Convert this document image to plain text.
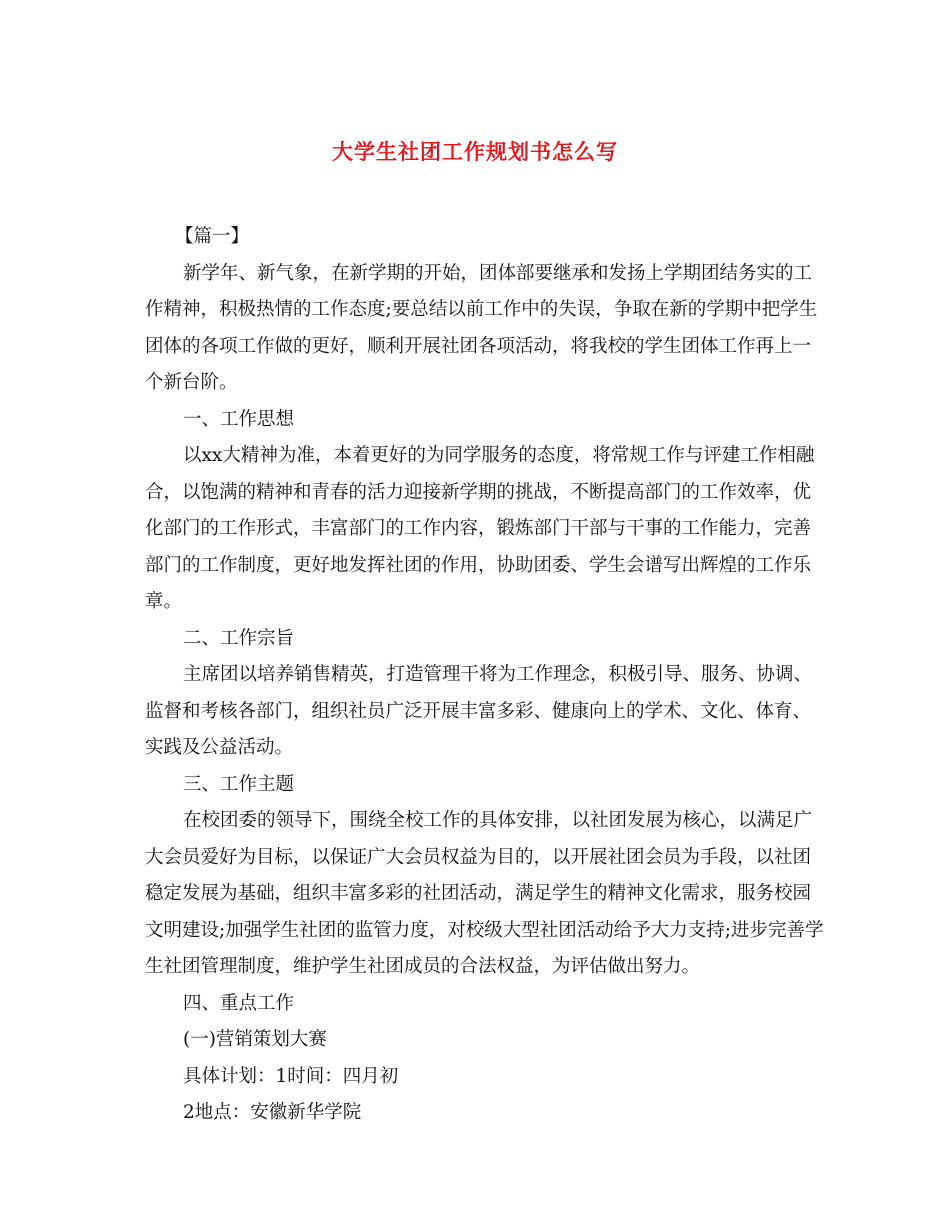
大学生社团工作规划书怎么写

【篇一】

新学年、新气象，在新学期的开始，团体部要继承和发扬上学期团结务实的工作精神，积极热情的工作态度;要总结以前工作中的失误，争取在新的学期中把学生团体的各项工作做的更好，顺利开展社团各项活动，将我校的学生团体工作再上一个新台阶。

一、工作思想

以xx大精神为准，本着更好的为同学服务的态度，将常规工作与评建工作相融合，以饱满的精神和青春的活力迎接新学期的挑战，不断提高部门的工作效率，优化部门的工作形式，丰富部门的工作内容，锻炼部门干部与干事的工作能力，完善部门的工作制度，更好地发挥社团的作用，协助团委、学生会谱写出辉煌的工作乐章。

二、工作宗旨

主席团以培养销售精英，打造管理干将为工作理念，积极引导、服务、协调、监督和考核各部门，组织社员广泛开展丰富多彩、健康向上的学术、文化、体育、实践及公益活动。

三、工作主题

在校团委的领导下，围绕全校工作的具体安排，以社团发展为核心，以满足广大会员爱好为目标，以保证广大会员权益为目的，以开展社团会员为手段，以社团稳定发展为基础，组织丰富多彩的社团活动，满足学生的精神文化需求，服务校园文明建设;加强学生社团的监管力度，对校级大型社团活动给予大力支持;进步完善学生社团管理制度，维护学生社团成员的合法权益，为评估做出努力。

四、重点工作

(一)营销策划大赛

具体计划：1时间：四月初

2地点：安徽新华学院
